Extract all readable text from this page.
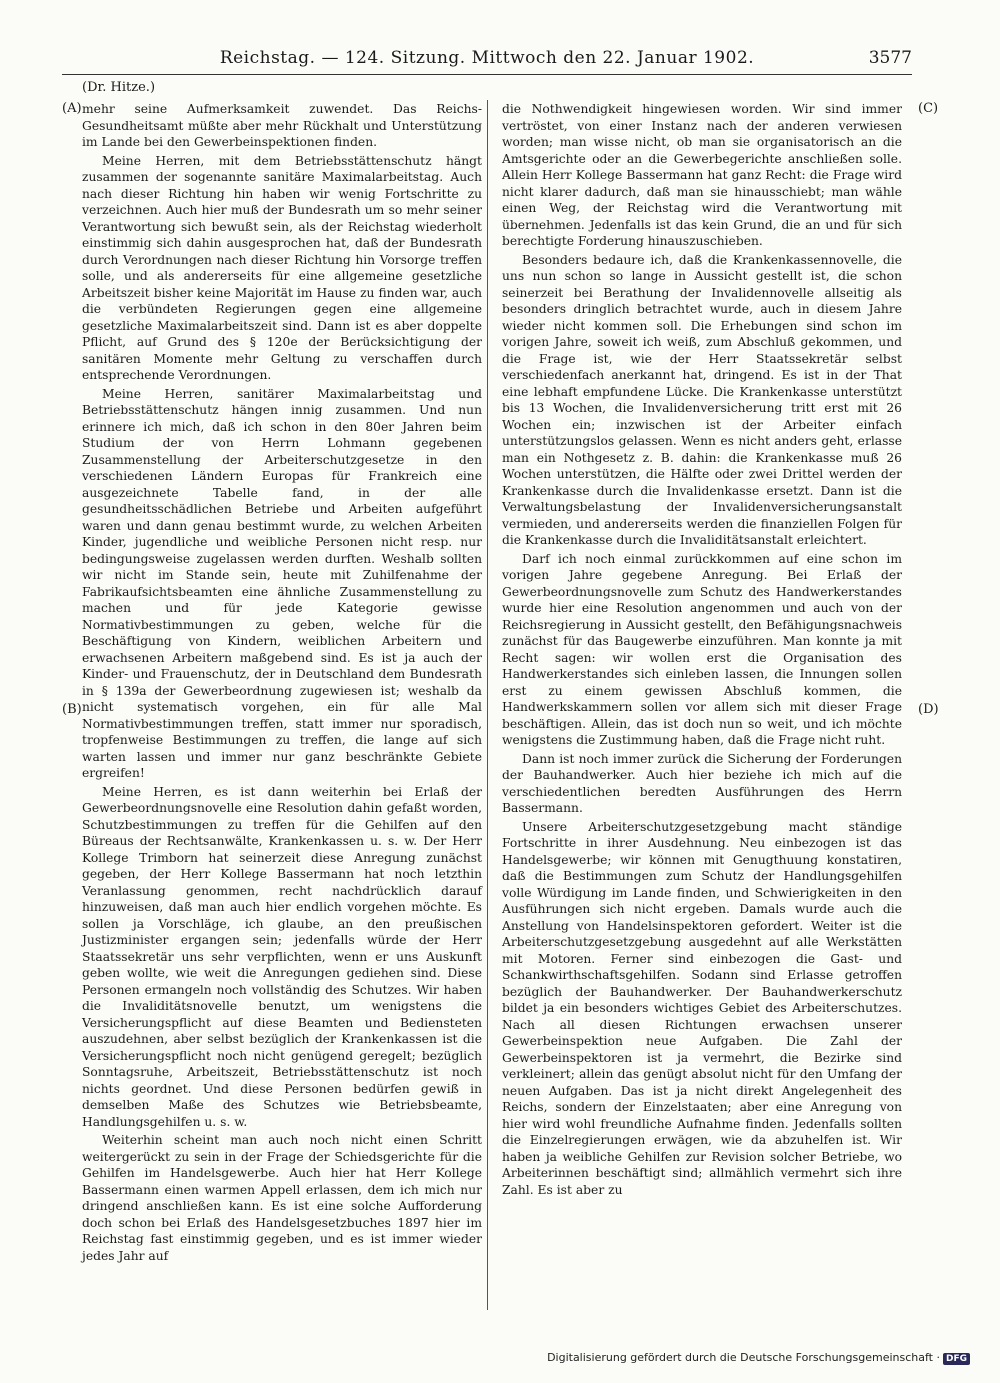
Reichstag. — 124. Sitzung. Mittwoch den 22. Januar 1902.	3577
(Dr. Hitze.)
(A)
(B)
(C)
(D)

mehr seine Aufmerksamkeit zuwendet. Das Reichs-Gesundheitsamt müßte aber mehr Rückhalt und Unterstützung im Lande bei den Gewerbeinspektionen finden.

Meine Herren, mit dem Betriebsstättenschutz hängt zusammen der sogenannte sanitäre Maximalarbeitstag. Auch nach dieser Richtung hin haben wir wenig Fortschritte zu verzeichnen. Auch hier muß der Bundesrath um so mehr seiner Verantwortung sich bewußt sein, als der Reichstag wiederholt einstimmig sich dahin ausgesprochen hat, daß der Bundesrath durch Verordnungen nach dieser Richtung hin Vorsorge treffen solle, und als andererseits für eine allgemeine gesetzliche Arbeitszeit bisher keine Majorität im Hause zu finden war, auch die verbündeten Regierungen gegen eine allgemeine gesetzliche Maximalarbeitszeit sind. Dann ist es aber doppelte Pflicht, auf Grund des § 120e der Berücksichtigung der sanitären Momente mehr Geltung zu verschaffen durch entsprechende Verordnungen.

Meine Herren, sanitärer Maximalarbeitstag und Betriebsstättenschutz hängen innig zusammen. Und nun erinnere ich mich, daß ich schon in den 80er Jahren beim Studium der von Herrn Lohmann gegebenen Zusammenstellung der Arbeiterschutzgesetze in den verschiedenen Ländern Europas für Frankreich eine ausgezeichnete Tabelle fand, in der alle gesundheitsschädlichen Betriebe und Arbeiten aufgeführt waren und dann genau bestimmt wurde, zu welchen Arbeiten Kinder, jugendliche und weibliche Personen nicht resp. nur bedingungsweise zugelassen werden durften. Weshalb sollten wir nicht im Stande sein, heute mit Zuhilfenahme der Fabrikaufsichtsbeamten eine ähnliche Zusammenstellung zu machen und für jede Kategorie gewisse Normativbestimmungen zu geben, welche für die Beschäftigung von Kindern, weiblichen Arbeitern und erwachsenen Arbeitern maßgebend sind. Es ist ja auch der Kinder- und Frauenschutz, der in Deutschland dem Bundesrath in § 139a der Gewerbeordnung zugewiesen ist; weshalb da nicht systematisch vorgehen, ein für alle Mal Normativbestimmungen treffen, statt immer nur sporadisch, tropfenweise Bestimmungen zu treffen, die lange auf sich warten lassen und immer nur ganz beschränkte Gebiete ergreifen!

Meine Herren, es ist dann weiterhin bei Erlaß der Gewerbeordnungsnovelle eine Resolution dahin gefaßt worden, Schutzbestimmungen zu treffen für die Gehilfen auf den Büreaus der Rechtsanwälte, Krankenkassen u. s. w. Der Herr Kollege Trimborn hat seinerzeit diese Anregung zunächst gegeben, der Herr Kollege Bassermann hat noch letzthin Veranlassung genommen, recht nachdrücklich darauf hinzuweisen, daß man auch hier endlich vorgehen möchte. Es sollen ja Vorschläge, ich glaube, an den preußischen Justizminister ergangen sein; jedenfalls würde der Herr Staatssekretär uns sehr verpflichten, wenn er uns Auskunft geben wollte, wie weit die Anregungen gediehen sind. Diese Personen ermangeln noch vollständig des Schutzes. Wir haben die Invaliditätsnovelle benutzt, um wenigstens die Versicherungspflicht auf diese Beamten und Bediensteten auszudehnen, aber selbst bezüglich der Krankenkassen ist die Versicherungspflicht noch nicht genügend geregelt; bezüglich Sonntagsruhe, Arbeitszeit, Betriebsstättenschutz ist noch nichts geordnet. Und diese Personen bedürfen gewiß in demselben Maße des Schutzes wie Betriebsbeamte, Handlungsgehilfen u. s. w.

Weiterhin scheint man auch noch nicht einen Schritt weitergerückt zu sein in der Frage der Schiedsgerichte für die Gehilfen im Handelsgewerbe. Auch hier hat Herr Kollege Bassermann einen warmen Appell erlassen, dem ich mich nur dringend anschließen kann. Es ist eine solche Aufforderung doch schon bei Erlaß des Handelsgesetzbuches 1897 hier im Reichstag fast einstimmig gegeben, und es ist immer wieder jedes Jahr auf

die Nothwendigkeit hingewiesen worden. Wir sind immer vertröstet, von einer Instanz nach der anderen verwiesen worden; man wisse nicht, ob man sie organisatorisch an die Amtsgerichte oder an die Gewerbegerichte anschließen solle. Allein Herr Kollege Bassermann hat ganz Recht: die Frage wird nicht klarer dadurch, daß man sie hinausschiebt; man wähle einen Weg, der Reichstag wird die Verantwortung mit übernehmen. Jedenfalls ist das kein Grund, die an und für sich berechtigte Forderung hinauszuschieben.

Besonders bedaure ich, daß die Krankenkassennovelle, die uns nun schon so lange in Aussicht gestellt ist, die schon seinerzeit bei Berathung der Invalidennovelle allseitig als besonders dringlich betrachtet wurde, auch in diesem Jahre wieder nicht kommen soll. Die Erhebungen sind schon im vorigen Jahre, soweit ich weiß, zum Abschluß gekommen, und die Frage ist, wie der Herr Staatssekretär selbst verschiedenfach anerkannt hat, dringend. Es ist in der That eine lebhaft empfundene Lücke. Die Krankenkasse unterstützt bis 13 Wochen, die Invalidenversicherung tritt erst mit 26 Wochen ein; inzwischen ist der Arbeiter einfach unterstützungslos gelassen. Wenn es nicht anders geht, erlasse man ein Nothgesetz z. B. dahin: die Krankenkasse muß 26 Wochen unterstützen, die Hälfte oder zwei Drittel werden der Krankenkasse durch die Invalidenkasse ersetzt. Dann ist die Verwaltungsbelastung der Invalidenversicherungsanstalt vermieden, und andererseits werden die finanziellen Folgen für die Krankenkasse durch die Invaliditätsanstalt erleichtert.

Darf ich noch einmal zurückkommen auf eine schon im vorigen Jahre gegebene Anregung. Bei Erlaß der Gewerbeordnungsnovelle zum Schutz des Handwerkerstandes wurde hier eine Resolution angenommen und auch von der Reichsregierung in Aussicht gestellt, den Befähigungsnachweis zunächst für das Baugewerbe einzuführen. Man konnte ja mit Recht sagen: wir wollen erst die Organisation des Handwerkerstandes sich einleben lassen, die Innungen sollen erst zu einem gewissen Abschluß kommen, die Handwerkskammern sollen vor allem sich mit dieser Frage beschäftigen. Allein, das ist doch nun so weit, und ich möchte wenigstens die Zustimmung haben, daß die Frage nicht ruht.

Dann ist noch immer zurück die Sicherung der Forderungen der Bauhandwerker. Auch hier beziehe ich mich auf die verschiedentlichen beredten Ausführungen des Herrn Bassermann.

Unsere Arbeiterschutzgesetzgebung macht ständige Fortschritte in ihrer Ausdehnung. Neu einbezogen ist das Handelsgewerbe; wir können mit Genugthuung konstatiren, daß die Bestimmungen zum Schutz der Handlungsgehilfen volle Würdigung im Lande finden, und Schwierigkeiten in den Ausführungen sich nicht ergeben. Damals wurde auch die Anstellung von Handelsinspektoren gefordert. Weiter ist die Arbeiterschutzgesetzgebung ausgedehnt auf alle Werkstätten mit Motoren. Ferner sind einbezogen die Gast- und Schankwirthschaftsgehilfen. Sodann sind Erlasse getroffen bezüglich der Bauhandwerker. Der Bauhandwerkerschutz bildet ja ein besonders wichtiges Gebiet des Arbeiterschutzes. Nach all diesen Richtungen erwachsen unserer Gewerbeinspektion neue Aufgaben. Die Zahl der Gewerbeinspektoren ist ja vermehrt, die Bezirke sind verkleinert; allein das genügt absolut nicht für den Umfang der neuen Aufgaben. Das ist ja nicht direkt Angelegenheit des Reichs, sondern der Einzelstaaten; aber eine Anregung von hier wird wohl freundliche Aufnahme finden. Jedenfalls sollten die Einzelregierungen erwägen, wie da abzuhelfen ist. Wir haben ja weibliche Gehilfen zur Revision solcher Betriebe, wo Arbeiterinnen beschäftigt sind; allmählich vermehrt sich ihre Zahl. Es ist aber zu

Digitalisierung gefördert durch die Deutsche Forschungsgemeinschaft · DFG
